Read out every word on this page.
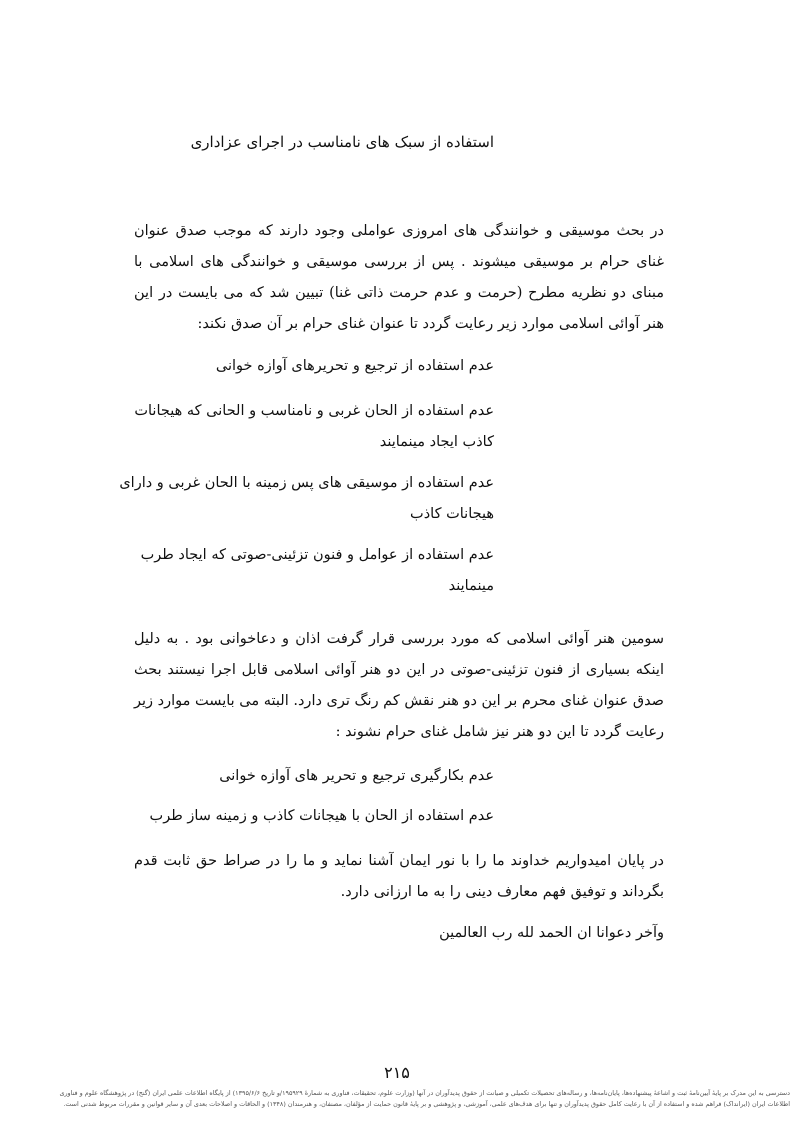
استفاده از سبک های نامناسب در اجرای عزاداری
در بحث موسیقی و خوانندگی های امروزی عواملی وجود دارند که موجب صدق عنوان غنای حرام بر موسیقی میشوند . پس از بررسی موسیقی و خوانندگی های اسلامی با مبنای دو نظریه مطرح (حرمت و عدم حرمت ذاتی غنا) تبیین شد که می بایست در این هنر آوائی اسلامی موارد زیر رعایت گردد تا عنوان غنای حرام بر آن صدق نکند:
عدم استفاده از ترجیع و تحریرهای آوازه خوانی
عدم استفاده از الحان غربی و نامناسب و الحانی که هیجانات کاذب ایجاد مینمایند
عدم استفاده از موسیقی های پس زمینه با الحان غربی و دارای هیجانات کاذب
عدم استفاده از عوامل و فنون تزئینی-صوتی که ایجاد طرب مینمایند
سومین هنر آوائی اسلامی که مورد بررسی قرار گرفت اذان و دعاخوانی بود . به دلیل اینکه بسیاری از فنون تزئینی-صوتی در این دو هنر آوائی اسلامی قابل اجرا نیستند بحث صدق عنوان غنای محرم بر این دو هنر نقش کم رنگ تری دارد. البته می بایست موارد زیر رعایت گردد تا این دو هنر نیز شامل غنای حرام نشوند :
عدم بکارگیری ترجیع و تحریر های آوازه خوانی
عدم استفاده از الحان با هیجانات کاذب و زمینه ساز طرب
در پایان امیدواریم خداوند ما را با نور ایمان آشنا نماید و ما را در صراط حق ثابت قدم بگرداند و توفیق فهم معارف دینی را به ما ارزانی دارد.
وآخر دعوانا ان الحمد لله رب العالمین
۲۱۵
دسترسی به این مدرک بر پایهٔ آیین‌نامهٔ ثبت و اشاعهٔ پیشنهاده‌ها، پایان‌نامه‌ها، و رساله‌های تحصیلات تکمیلی و صیانت از حقوق پدیدآوران در آنها (وزارت علوم، تحقیقات، فناوری به شمارهٔ ۱۹۵۹۲۹/و تاریخ ۱۳۹۵/۶/۶) از پایگاه اطلاعات علمی ایران (گنج) در پژوهشگاه علوم و فناوری
اطلاعات ایران (ایرانداک) فراهم شده و استفاده از آن با رعایت کامل حقوق پدیدآوران و تنها برای هدف‌های علمی، آموزشی، و پژوهشی و بر پایهٔ قانون حمایت از مؤلفان، مصنفان، و هنرمندان (۱۳۴۸) و الحاقات و اصلاحات بعدی آن و سایر قوانین و مقررات مربوط شدنی است.
